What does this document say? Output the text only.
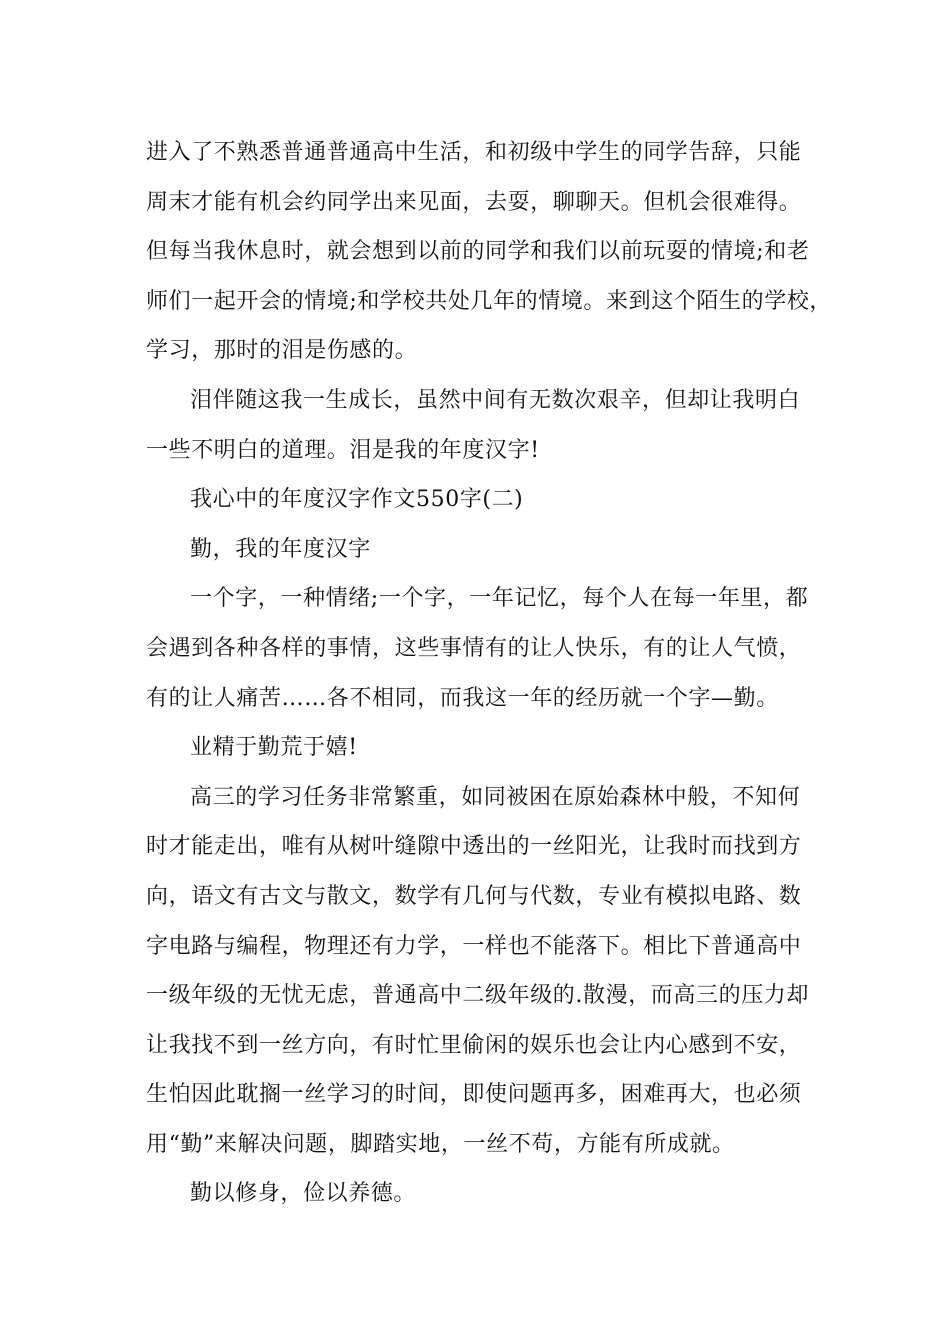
进入了不熟悉普通普通高中生活，和初级中学生的同学告辞，只能
周末才能有机会约同学出来见面，去耍，聊聊天。但机会很难得。
但每当我休息时，就会想到以前的同学和我们以前玩耍的情境;和老
师们一起开会的情境;和学校共处几年的情境。来到这个陌生的学校，
学习，那时的泪是伤感的。
泪伴随这我一生成长，虽然中间有无数次艰辛，但却让我明白
一些不明白的道理。泪是我的年度汉字!
我心中的年度汉字作文550字(二)
勤，我的年度汉字
一个字，一种情绪;一个字，一年记忆，每个人在每一年里，都
会遇到各种各样的事情，这些事情有的让人快乐，有的让人气愤，
有的让人痛苦……各不相同，而我这一年的经历就一个字—勤。
业精于勤荒于嬉!
高三的学习任务非常繁重，如同被困在原始森林中般，不知何
时才能走出，唯有从树叶缝隙中透出的一丝阳光，让我时而找到方
向，语文有古文与散文，数学有几何与代数，专业有模拟电路、数
字电路与编程，物理还有力学，一样也不能落下。相比下普通高中
一级年级的无忧无虑，普通高中二级年级的.散漫，而高三的压力却
让我找不到一丝方向，有时忙里偷闲的娱乐也会让内心感到不安，
生怕因此耽搁一丝学习的时间，即使问题再多，困难再大，也必须
用“勤”来解决问题，脚踏实地，一丝不苟，方能有所成就。
勤以修身，俭以养德。
